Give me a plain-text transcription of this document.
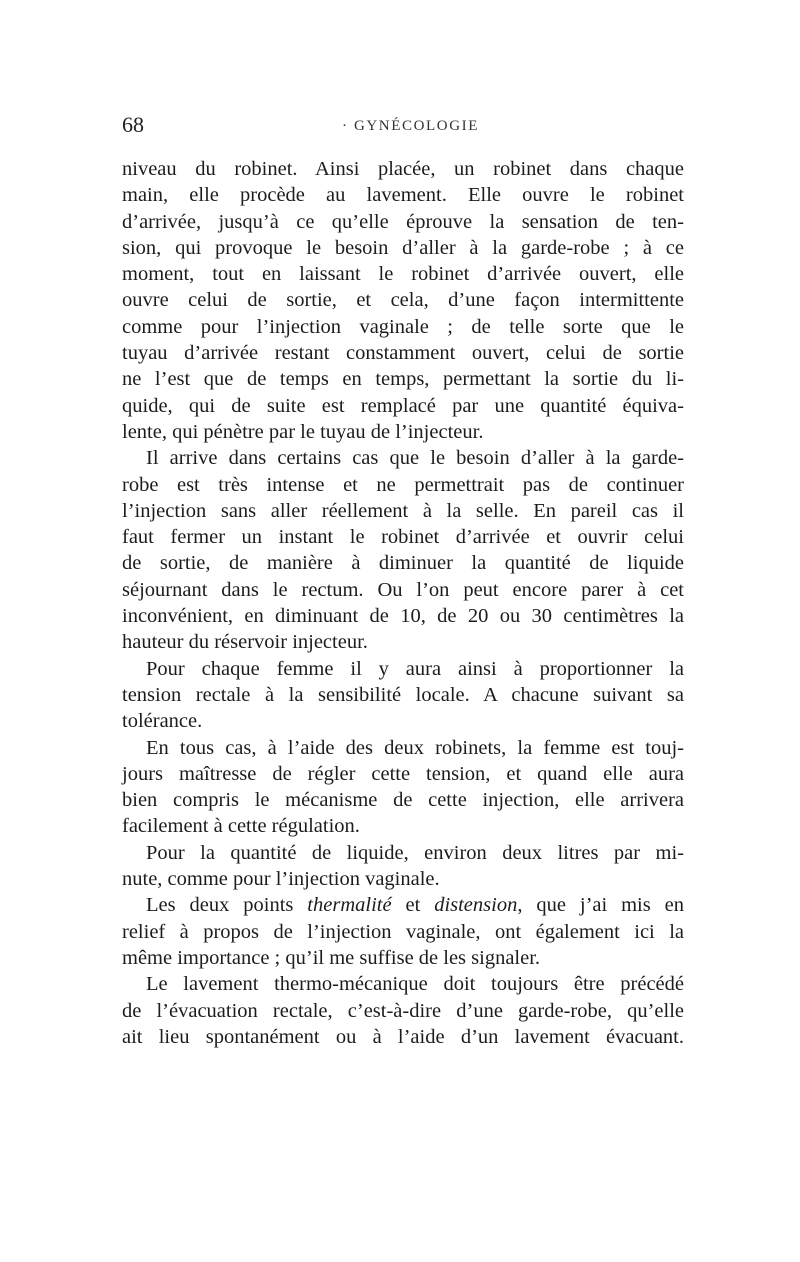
68	· GYNÉCOLOGIE

niveau du robinet. Ainsi placée, un robinet dans chaque

main, elle procède au lavement. Elle ouvre le robinet

d’arrivée, jusqu’à ce qu’elle éprouve la sensation de ten-

sion, qui provoque le besoin d’aller à la garde-robe ; à ce

moment, tout en laissant le robinet d’arrivée ouvert, elle

ouvre celui de sortie, et cela, d’une façon intermittente

comme pour l’injection vaginale ; de telle sorte que le

tuyau d’arrivée restant constamment ouvert, celui de sortie

ne l’est que de temps en temps, permettant la sortie du li-

quide, qui de suite est remplacé par une quantité équiva-

lente, qui pénètre par le tuyau de l’injecteur.

Il arrive dans certains cas que le besoin d’aller à la garde-

robe est très intense et ne permettrait pas de continuer

l’injection sans aller réellement à la selle. En pareil cas il

faut fermer un instant le robinet d’arrivée et ouvrir celui

de sortie, de manière à diminuer la quantité de liquide

séjournant dans le rectum. Ou l’on peut encore parer à cet

inconvénient, en diminuant de 10, de 20 ou 30 centimètres la

hauteur du réservoir injecteur.

Pour chaque femme il y aura ainsi à proportionner la

tension rectale à la sensibilité locale. A chacune suivant sa

tolérance.

En tous cas, à l’aide des deux robinets, la femme est touj-

jours maîtresse de régler cette tension, et quand elle aura

bien compris le mécanisme de cette injection, elle arrivera

facilement à cette régulation.

Pour la quantité de liquide, environ deux litres par mi-

nute, comme pour l’injection vaginale.

Les deux points thermalité et distension, que j’ai mis en

relief à propos de l’injection vaginale, ont également ici la

même importance ; qu’il me suffise de les signaler.

Le lavement thermo-mécanique doit toujours être précédé

de l’évacuation rectale, c’est-à-dire d’une garde-robe, qu’elle

ait lieu spontanément ou à l’aide d’un lavement évacuant.
